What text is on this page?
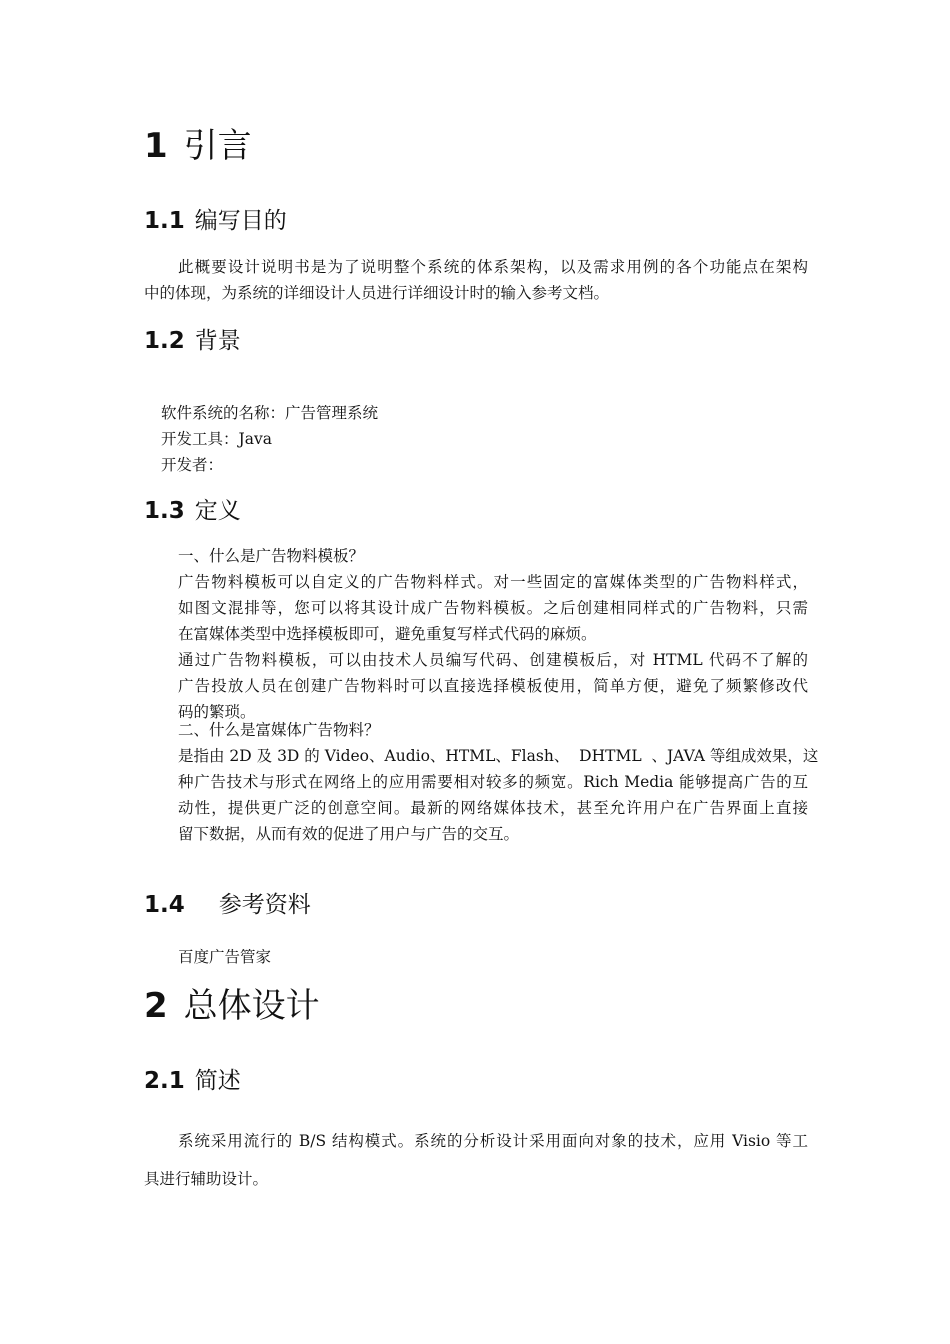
1 引言
1.1 编写目的
此概要设计说明书是为了说明整个系统的体系架构，以及需求用例的各个功能点在架构
中的体现，为系统的详细设计人员进行详细设计时的输入参考文档。
1.2 背景
软件系统的名称：广告管理系统
开发工具：Java
开发者：
1.3 定义
一、什么是广告物料模板？
广告物料模板可以自定义的广告物料样式。对一些固定的富媒体类型的广告物料样式，
如图文混排等，您可以将其设计成广告物料模板。之后创建相同样式的广告物料，只需
在富媒体类型中选择模板即可，避免重复写样式代码的麻烦。
通过广告物料模板，可以由技术人员编写代码、创建模板后，对 HTML 代码不了解的
广告投放人员在创建广告物料时可以直接选择模板使用，简单方便，避免了频繁修改代
码的繁琐。
二、什么是富媒体广告物料？
是指由 2D 及 3D 的 Video、Audio、HTML、Flash、  DHTML  、JAVA 等组成效果，这
种广告技术与形式在网络上的应用需要相对较多的频宽。Rich Media 能够提高广告的互
动性，提供更广泛的创意空间。最新的网络媒体技术，甚至允许用户在广告界面上直接
留下数据，从而有效的促进了用户与广告的交互。
1.4 参考资料
百度广告管家
2 总体设计
2.1 简述
系统采用流行的 B/S 结构模式。系统的分析设计采用面向对象的技术，应用 Visio 等工
具进行辅助设计。
